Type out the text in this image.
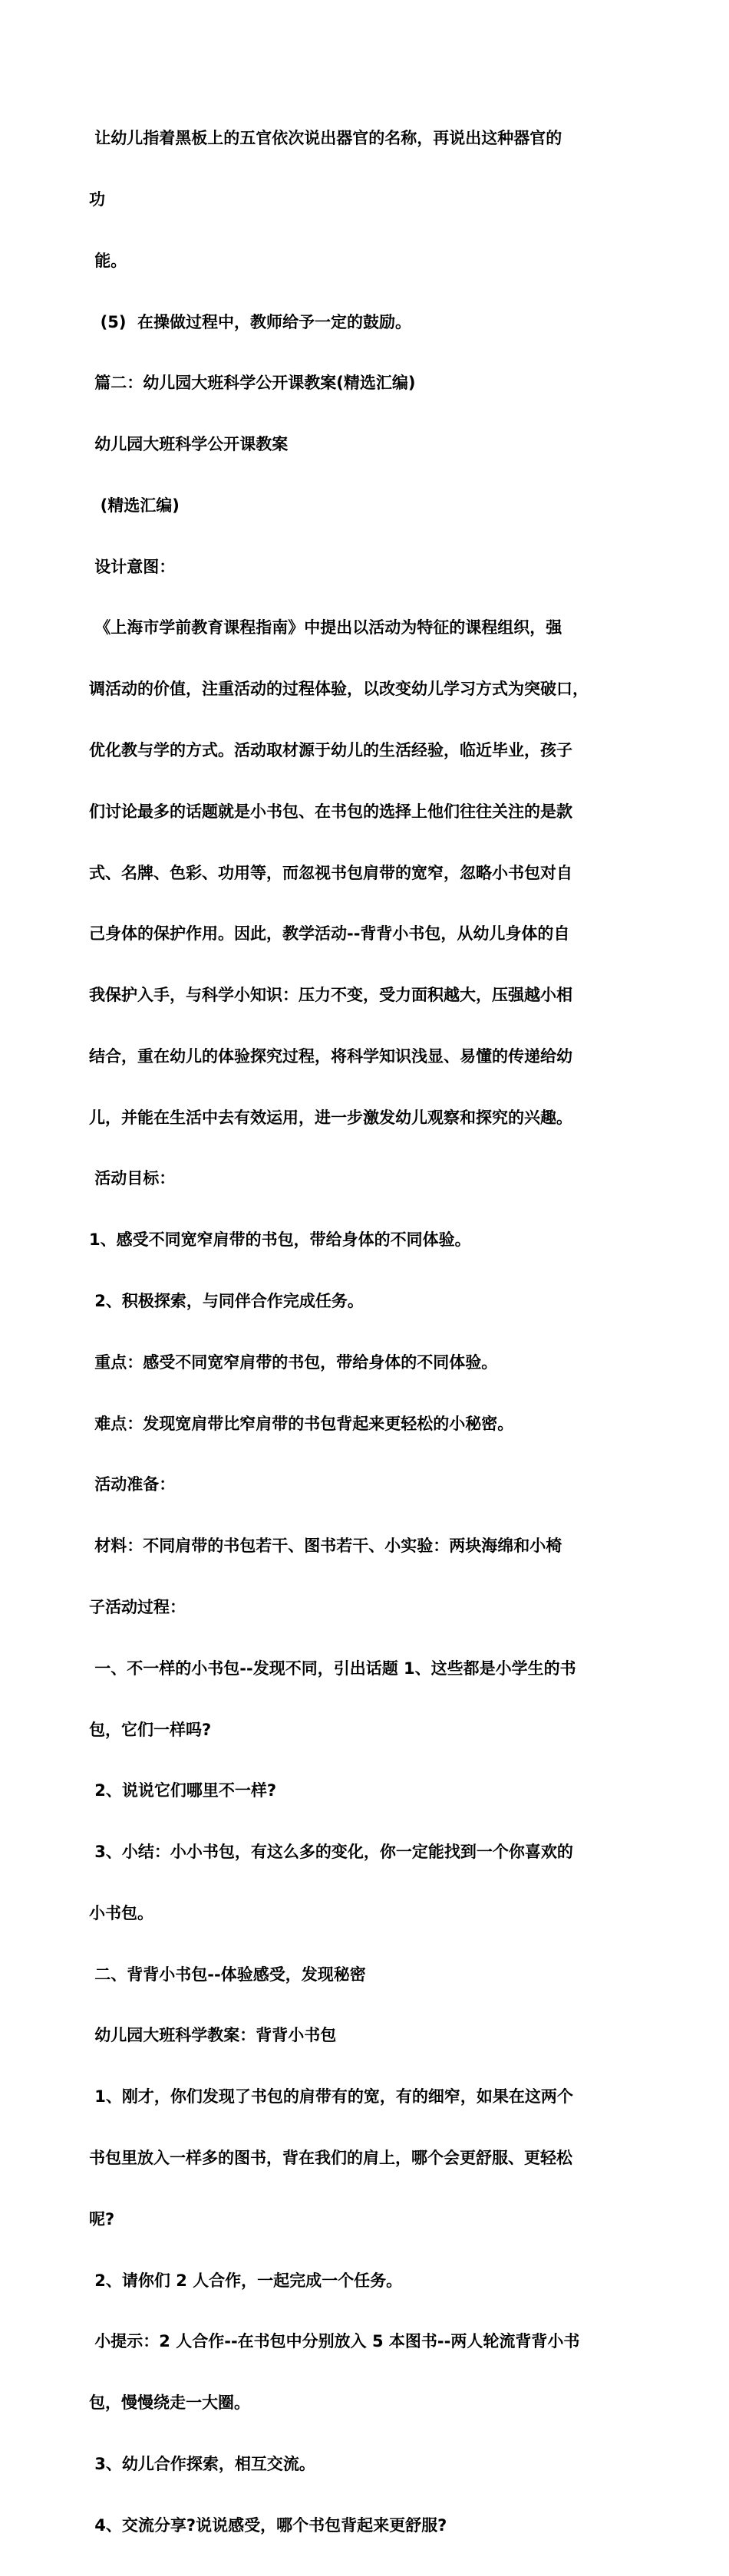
让幼儿指着黑板上的五官依次说出器官的名称，再说出这种器官的

功

能。

(5)  在操做过程中，教师给予一定的鼓励。

篇二：幼儿园大班科学公开课教案(精选汇编)

幼儿园大班科学公开课教案

(精选汇编)

设计意图：

《上海市学前教育课程指南》中提出以活动为特征的课程组织，强

调活动的价值，注重活动的过程体验，以改变幼儿学习方式为突破口，

优化教与学的方式。活动取材源于幼儿的生活经验，临近毕业，孩子

们讨论最多的话题就是小书包、在书包的选择上他们往往关注的是款

式、名牌、色彩、功用等，而忽视书包肩带的宽窄，忽略小书包对自

己身体的保护作用。因此，教学活动--背背小书包，从幼儿身体的自

我保护入手，与科学小知识：压力不变，受力面积越大，压强越小相

结合，重在幼儿的体验探究过程，将科学知识浅显、易懂的传递给幼

儿，并能在生活中去有效运用，进一步激发幼儿观察和探究的兴趣。

活动目标：

1、感受不同宽窄肩带的书包，带给身体的不同体验。

2、积极探索，与同伴合作完成任务。

重点：感受不同宽窄肩带的书包，带给身体的不同体验。

难点：发现宽肩带比窄肩带的书包背起来更轻松的小秘密。

活动准备：

材料：不同肩带的书包若干、图书若干、小实验：两块海绵和小椅

子活动过程：

一、不一样的小书包--发现不同，引出话题 1、这些都是小学生的书

包，它们一样吗?

2、说说它们哪里不一样?

3、小结：小小书包，有这么多的变化，你一定能找到一个你喜欢的

小书包。

二、背背小书包--体验感受，发现秘密

幼儿园大班科学教案：背背小书包

1、刚才，你们发现了书包的肩带有的宽，有的细窄，如果在这两个

书包里放入一样多的图书，背在我们的肩上，哪个会更舒服、更轻松

呢?

2、请你们 2 人合作，一起完成一个任务。

小提示：2 人合作--在书包中分别放入 5 本图书--两人轮流背背小书

包，慢慢绕走一大圈。

3、幼儿合作探索，相互交流。

4、交流分享?说说感受，哪个书包背起来更舒服?
